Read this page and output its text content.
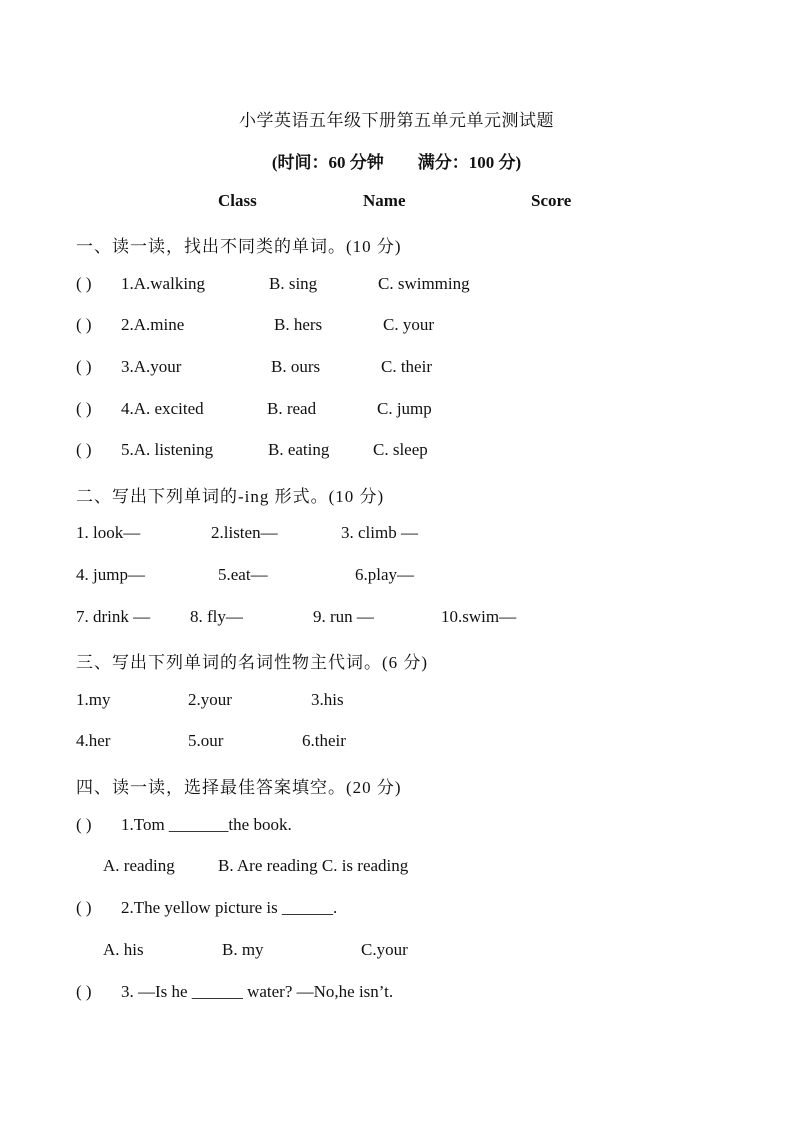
小学英语五年级下册第五单元单元测试题
(时间：60 分钟　　满分：100 分)
Class	Name	Score
一、读一读，找出不同类的单词。(10 分)
( ) 1.A.walking	B. sing	C. swimming
( ) 2.A.mine	B. hers	C. your
( ) 3.A.your	B. ours	C. their
( ) 4.A. excited	B. read	C. jump
( ) 5.A. listening	B. eating	C. sleep
二、写出下列单词的-ing 形式。(10 分)
1. look—	2.listen—	3. climb —
4. jump—	5.eat—	6.play—
7. drink — 8. fly—	9. run —	10.swim—
三、写出下列单词的名词性物主代词。(6 分)
1.my	2.your	3.his
4.her	5.our	6.their
四、读一读，选择最佳答案填空。(20 分)
( ) 1.Tom _______the book.
A. reading	B. Are reading C. is reading
( ) 2.The yellow picture is ______.
A. his	B. my	C.your
( ) 3. —Is he ______ water? —No,he isn’t.
